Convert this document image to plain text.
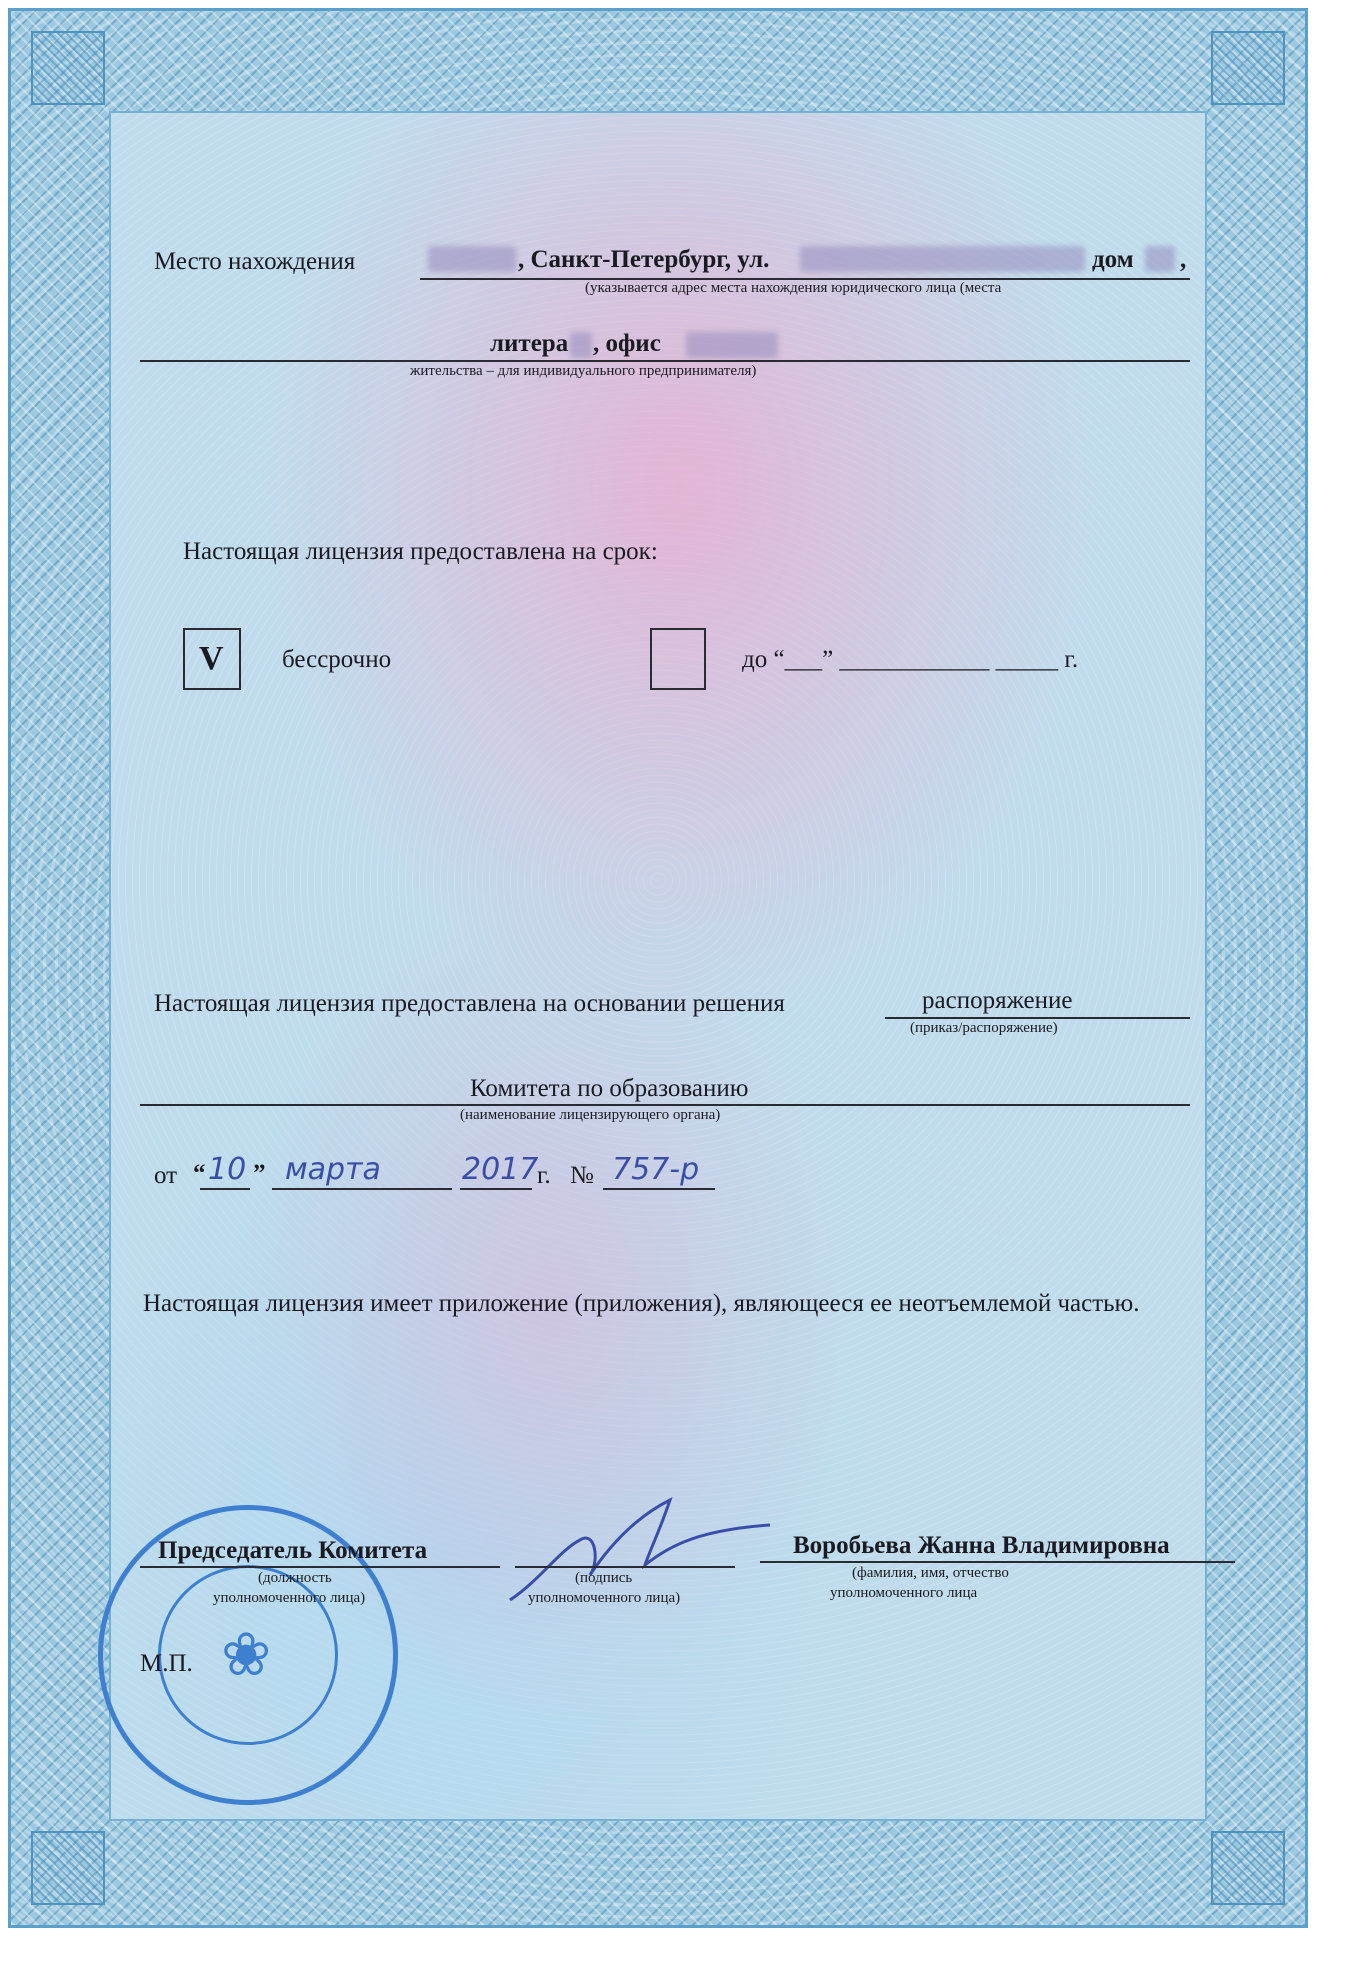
Место нахождения	, Санкт-Петербург, ул.	дом ,
(указывается адрес места нахождения юридического лица (места
литера , офис
жительства – для индивидуального предпринимателя)
Настоящая лицензия предоставлена на срок:
V бессрочно	до “___” ____________ _____ г.
Настоящая лицензия предоставлена на основании решения	распоряжение
(приказ/распоряжение)
Комитета по образованию
(наименование лицензирующего органа)
от “ 10 ” марта	2017
г. № 757-р
Настоящая лицензия имеет приложение (приложения), являющееся ее неотъемлемой частью.
❀
Председатель Комитета
(должность
уполномоченного лица)
(подпись
уполномоченного лица)
Воробьева Жанна Владимировна
(фамилия, имя, отчество
уполномоченного лица
М.П.
